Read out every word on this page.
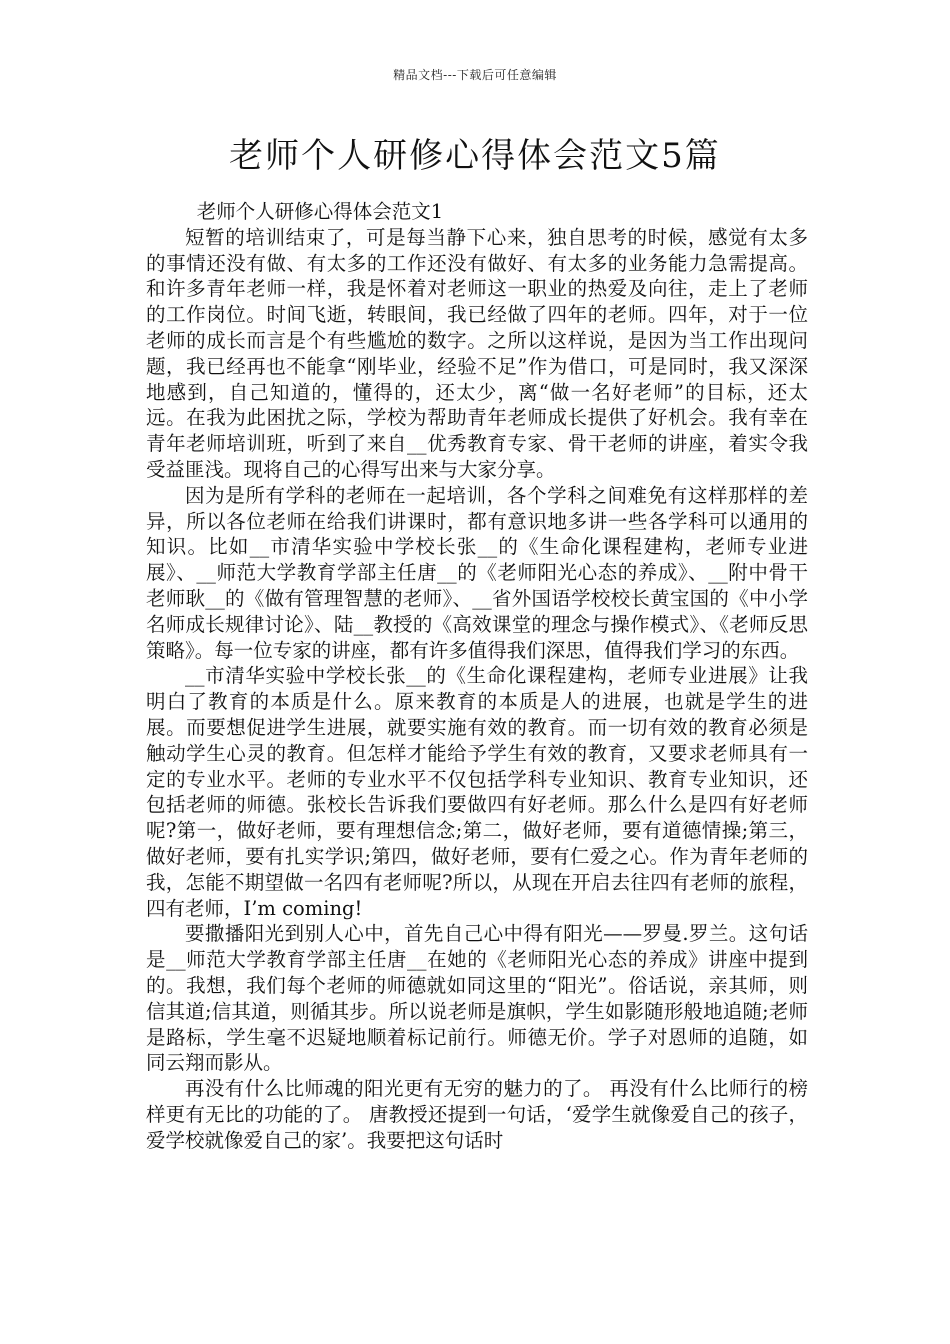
精品文档---下载后可任意编辑
老师个人研修心得体会范文5篇

老师个人研修心得体会范文1

短暂的培训结束了，可是每当静下心来，独自思考的时候，感觉有太多的事情还没有做、有太多的工作还没有做好、有太多的业务能力急需提高。 和许多青年老师一样，我是怀着对老师这一职业的热爱及向往，走上了老师的工作岗位。时间飞逝，转眼间，我已经做了四年的老师。四年，对于一位老师的成长而言是个有些尴尬的数字。之所以这样说，是因为当工作出现问题，我已经再也不能拿“刚毕业，经验不足”作为借口，可是同时，我又深深地感到，自己知道的，懂得的，还太少，离“做一名好老师”的目标，还太远。在我为此困扰之际，学校为帮助青年老师成长提供了好机会。我有幸在青年老师培训班，听到了来自__优秀教育专家、骨干老师的讲座，着实令我受益匪浅。现将自己的心得写出来与大家分享。

因为是所有学科的老师在一起培训，各个学科之间难免有这样那样的差异，所以各位老师在给我们讲课时，都有意识地多讲一些各学科可以通用的知识。比如__市清华实验中学校长张__的《生命化课程建构，老师专业进展》、__师范大学教育学部主任唐__的《老师阳光心态的养成》、__附中骨干老师耿__的《做有管理智慧的老师》、__省外国语学校校长黄宝国的《中小学名师成长规律讨论》、陆__教授的《高效课堂的理念与操作模式》、《老师反思策略》。每一位专家的讲座，都有许多值得我们深思，值得我们学习的东西。

__市清华实验中学校长张__的《生命化课程建构，老师专业进展》让我明白了教育的本质是什么。原来教育的本质是人的进展，也就是学生的进展。而要想促进学生进展，就要实施有效的教育。而一切有效的教育必须是触动学生心灵的教育。但怎样才能给予学生有效的教育，又要求老师具有一定的专业水平。老师的专业水平不仅包括学科专业知识、教育专业知识，还包括老师的师德。张校长告诉我们要做四有好老师。那么什么是四有好老师呢?第一，做好老师，要有理想信念;第二，做好老师，要有道德情操;第三，做好老师，要有扎实学识;第四，做好老师，要有仁爱之心。作为青年老师的我，怎能不期望做一名四有老师呢?所以，从现在开启去往四有老师的旅程，四有老师，I’m coming!

要撒播阳光到别人心中，首先自己心中得有阳光——罗曼.罗兰。这句话是__师范大学教育学部主任唐__在她的《老师阳光心态的养成》讲座中提到的。我想，我们每个老师的师德就如同这里的“阳光”。俗话说，亲其师，则信其道;信其道，则循其步。所以说老师是旗帜，学生如影随形般地追随;老师是路标，学生毫不迟疑地顺着标记前行。师德无价。学子对恩师的追随，如同云翔而影从。

再没有什么比师魂的阳光更有无穷的魅力的了。 再没有什么比师行的榜样更有无比的功能的了。 唐教授还提到一句话，‘爱学生就像爱自己的孩子，爱学校就像爱自己的家’。我要把这句话时
